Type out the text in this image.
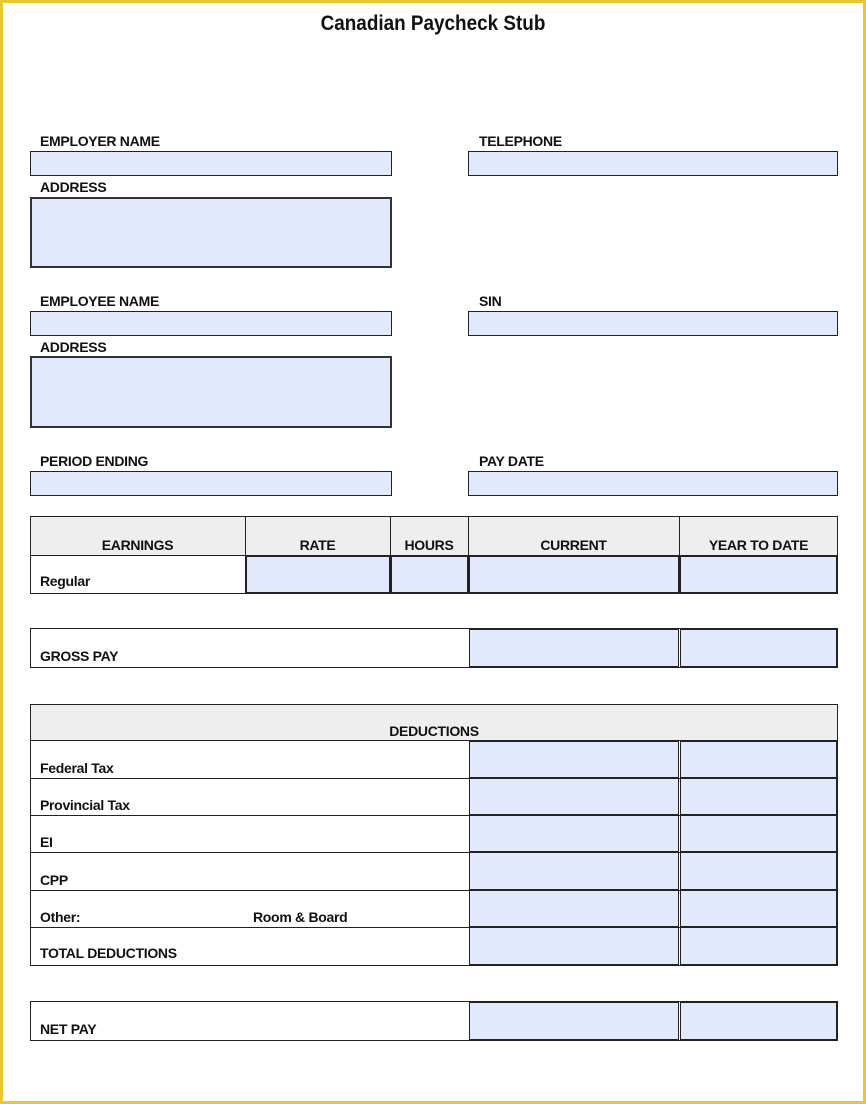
Canadian Paycheck Stub
EMPLOYER NAME	TELEPHONE
ADDRESS
EMPLOYEE NAME	SIN
ADDRESS
PERIOD ENDING	PAY DATE
EARNINGS	RATE	HOURS	CURRENT	YEAR TO DATE
Regular
GROSS PAY
DEDUCTIONS
Federal Tax
Provincial Tax
EI
CPP
Other:	Room & Board
TOTAL DEDUCTIONS
NET PAY
